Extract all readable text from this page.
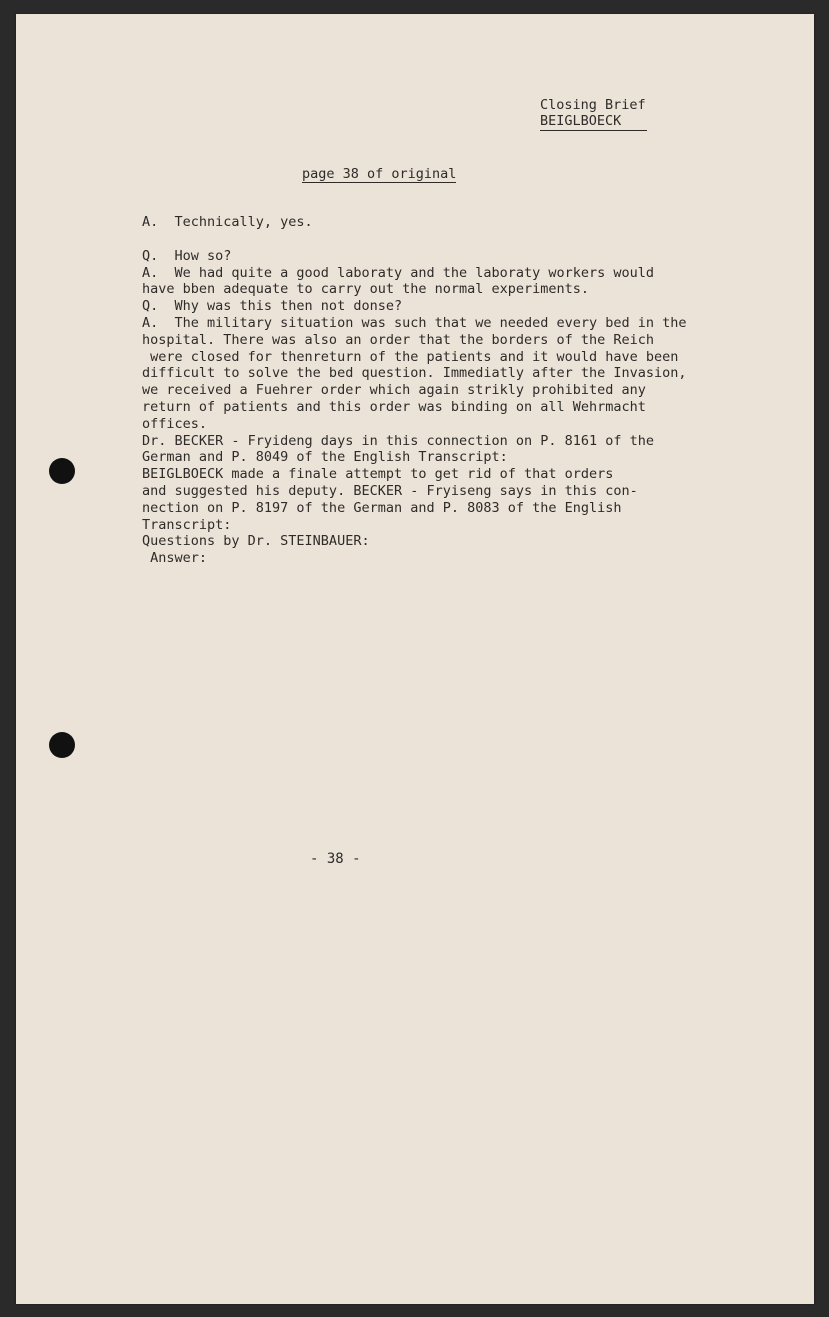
Closing Brief
BEIGLBOECK
page 38 of original
A.  Technically, yes.
Q.  How so?
A.  We had quite a good laboraty and the laboraty workers would
have bben adequate to carry out the normal experiments.
Q.  Why was this then not donse?
A.  The military situation was such that we needed every bed in the
hospital. There was also an order that the borders of the Reich
were closed for thenreturn of the patients and it would have been
difficult to solve the bed question. Immediatly after the Invasion,
we received a Fuehrer order which again strikly prohibited any
return of patients and this order was binding on all Wehrmacht
offices.
Dr. BECKER - Fryideng days in this connection on P. 8161 of the
German and P. 8049 of the English Transcript:
BEIGLBOECK made a finale attempt to get rid of that orders
and suggested his deputy. BECKER - Fryiseng says in this con-
nection on P. 8197 of the German and P. 8083 of the English
Transcript:
Questions by Dr. STEINBAUER:
Answer:
- 38 -
